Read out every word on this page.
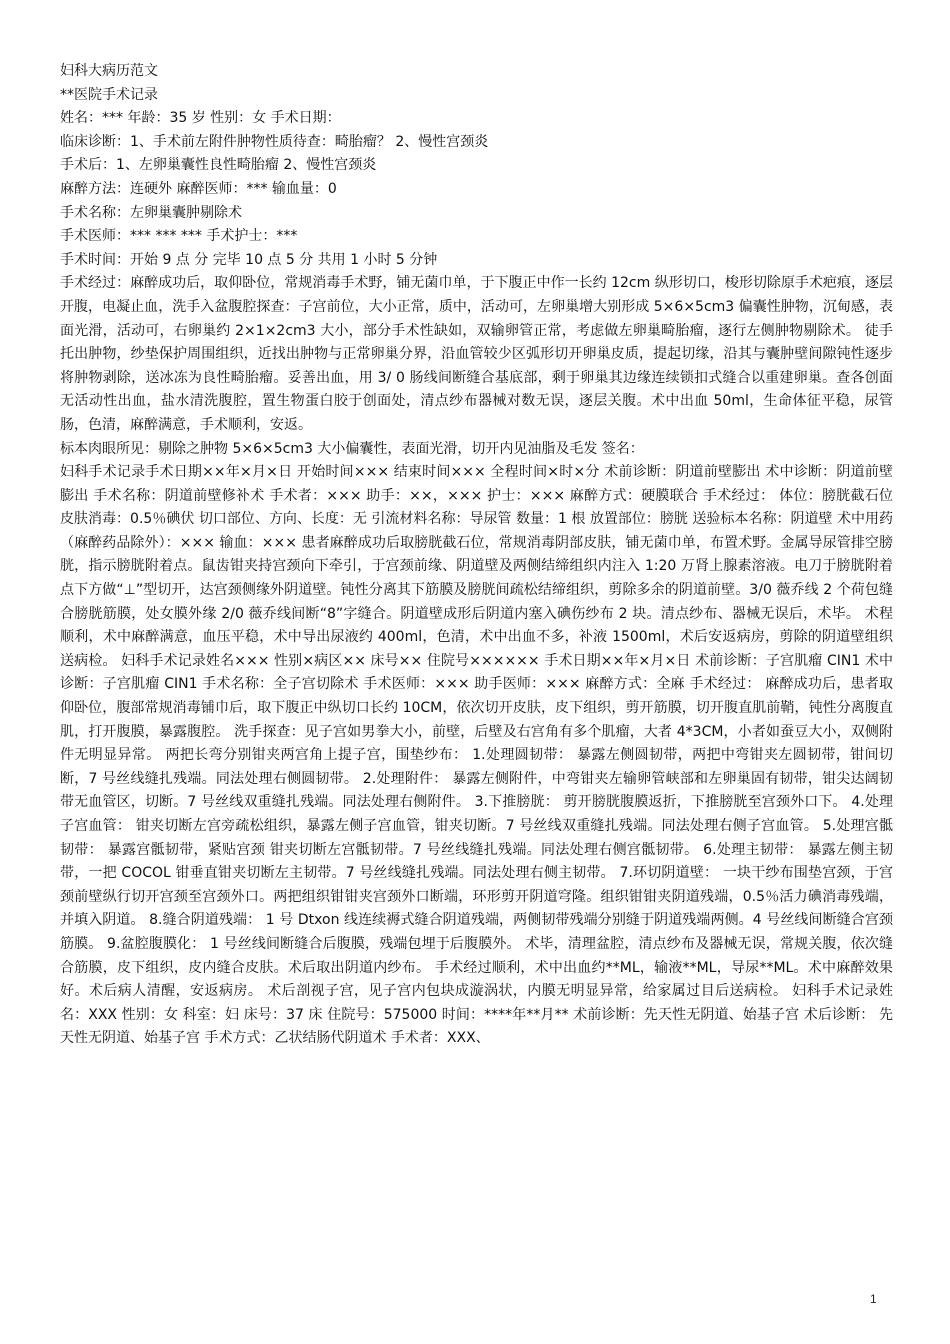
妇科大病历范文
**医院手术记录
姓名：*** 年龄：35 岁 性别：女 手术日期：
临床诊断：1、手术前左附件肿物性质待查：畸胎瘤？ 2、慢性宫颈炎
手术后：1、左卵巢囊性良性畸胎瘤 2、慢性宫颈炎
麻醉方法：连硬外 麻醉医师：*** 输血量：0
手术名称：左卵巢囊肿剔除术
手术医师：*** *** *** 手术护士：***
手术时间：开始 9 点 分 完毕 10 点 5 分 共用 1 小时 5 分钟
手术经过：麻醉成功后，取仰卧位，常规消毒手术野，铺无菌巾单，于下腹正中作一长约 12cm 纵形切口，梭形切除原手术疤痕，逐层开腹，电凝止血，洗手入盆腹腔探查：子宫前位，大小正常，质中，活动可，左卵巢增大别形成 5×6×5cm3 偏囊性肿物，沉甸感，表面光滑，活动可，右卵巢约 2×1×2cm3 大小，部分手术性缺如，双输卵管正常，考虑做左卵巢畸胎瘤，逐行左侧肿物剔除术。 徒手托出肿物，纱垫保护周围组织，近找出肿物与正常卵巢分界，沿血管较少区弧形切开卵巢皮质，提起切缘，沿其与囊肿壁间隙钝性逐步将肿物剥除，送冰冻为良性畸胎瘤。妥善出血，用 3/ 0 肠线间断缝合基底部，剩于卵巢其边缘连续锁扣式缝合以重建卵巢。查各创面无活动性出血，盐水清洗腹腔，置生物蛋白胶于创面处，清点纱布器械对数无误，逐层关腹。术中出血 50ml，生命体征平稳，尿管肠，色清，麻醉满意，手术顺利，安返。
标本肉眼所见：剔除之肿物 5×6×5cm3 大小偏囊性，表面光滑，切开内见油脂及毛发 签名：
妇科手术记录手术日期××年×月×日 开始时间××× 结束时间××× 全程时间×时×分 术前诊断：阴道前壁膨出 术中诊断：阴道前壁膨出 手术名称：阴道前壁修补术 手术者：××× 助手：××，××× 护士：××× 麻醉方式：硬膜联合 手术经过： 体位：膀胱截石位 皮肤消毒：0.5％碘伏 切口部位、方向、长度：无 引流材料名称：导尿管 数量：1 根 放置部位：膀胱 送验标本名称：阴道壁 术中用药（麻醉药品除外）：××× 输血：××× 患者麻醉成功后取膀胱截石位，常规消毒阴部皮肤，铺无菌巾单，布置术野。金属导尿管排空膀胱，指示膀胱附着点。鼠齿钳夹持宫颈向下牵引，于宫颈前缘、阴道壁及两侧结缔组织内注入 1:20 万肾上腺素溶液。电刀于膀胱附着点下方做“⊥”型切开，达宫颈侧缘外阴道壁。钝性分离其下筋膜及膀胱间疏松结缔组织，剪除多余的阴道前壁。3/0 薇乔线 2 个荷包缝合膀胱筋膜，处女膜外缘 2/0 薇乔线间断“8”字缝合。阴道壁成形后阴道内塞入碘伤纱布 2 块。清点纱布、器械无误后，术毕。 术程顺利，术中麻醉满意，血压平稳，术中导出尿液约 400ml，色清，术中出血不多，补液 1500ml，术后安返病房，剪除的阴道壁组织送病检。 妇科手术记录姓名××× 性别×病区×× 床号×× 住院号×××××× 手术日期××年×月×日 术前诊断：子宫肌瘤 CIN1 术中诊断：子宫肌瘤 CIN1 手术名称：全子宫切除术 手术医师：××× 助手医师：××× 麻醉方式：全麻 手术经过： 麻醉成功后，患者取仰卧位，腹部常规消毒铺巾后，取下腹正中纵切口长约 10CM，依次切开皮肤，皮下组织，剪开筋膜，切开腹直肌前鞘，钝性分离腹直肌，打开腹膜，暴露腹腔。 洗手探查：见子宫如男拳大小，前壁，后壁及右宫角有多个肌瘤，大者 4*3CM，小者如蚕豆大小，双侧附件无明显异常。 两把长弯分别钳夹两宫角上提子宫，围垫纱布： 1.处理圆韧带： 暴露左侧圆韧带，两把中弯钳夹左圆韧带，钳间切断，7 号丝线缝扎残端。同法处理右侧圆韧带。 2.处理附件： 暴露左侧附件，中弯钳夹左输卵管峡部和左卵巢固有韧带，钳尖达阔韧带无血管区，切断。7 号丝线双重缝扎残端。同法处理右侧附件。 3.下推膀胱： 剪开膀胱腹膜返折，下推膀胱至宫颈外口下。 4.处理子宫血管： 钳夹切断左宫旁疏松组织，暴露左侧子宫血管，钳夹切断。7 号丝线双重缝扎残端。同法处理右侧子宫血管。 5.处理宫骶韧带： 暴露宫骶韧带，紧贴宫颈 钳夹切断左宫骶韧带。7 号丝线缝扎残端。同法处理右侧宫骶韧带。 6.处理主韧带： 暴露左侧主韧带，一把 COCOL 钳垂直钳夹切断左主韧带。7 号丝线缝扎残端。同法处理右侧主韧带。 7.环切阴道壁： 一块干纱布围垫宫颈，于宫颈前壁纵行切开宫颈至宫颈外口。两把组织钳钳夹宫颈外口断端，环形剪开阴道穹隆。组织钳钳夹阴道残端，0.5％活力碘消毒残端，并填入阴道。 8.缝合阴道残端： 1 号 Dtxon 线连续褥式缝合阴道残端，两侧韧带残端分别缝于阴道残端两侧。4 号丝线间断缝合宫颈筋膜。 9.盆腔腹膜化： 1 号丝线间断缝合后腹膜，残端包埋于后腹膜外。 术毕，清理盆腔，清点纱布及器械无误，常规关腹，依次缝合筋膜，皮下组织，皮内缝合皮肤。术后取出阴道内纱布。 手术经过顺利，术中出血约**ML，输液**ML，导尿**ML。术中麻醉效果好。术后病人清醒，安返病房。 术后剖视子宫，见子宫内包块成漩涡状，内膜无明显异常，给家属过目后送病检。 妇科手术记录姓名：XXX 性别：女 科室：妇 床号：37 床 住院号：575000 时间：****年**月** 术前诊断：先天性无阴道、始基子宫 术后诊断： 先天性无阴道、始基子宫 手术方式：乙状结肠代阴道术 手术者：XXX、
1
